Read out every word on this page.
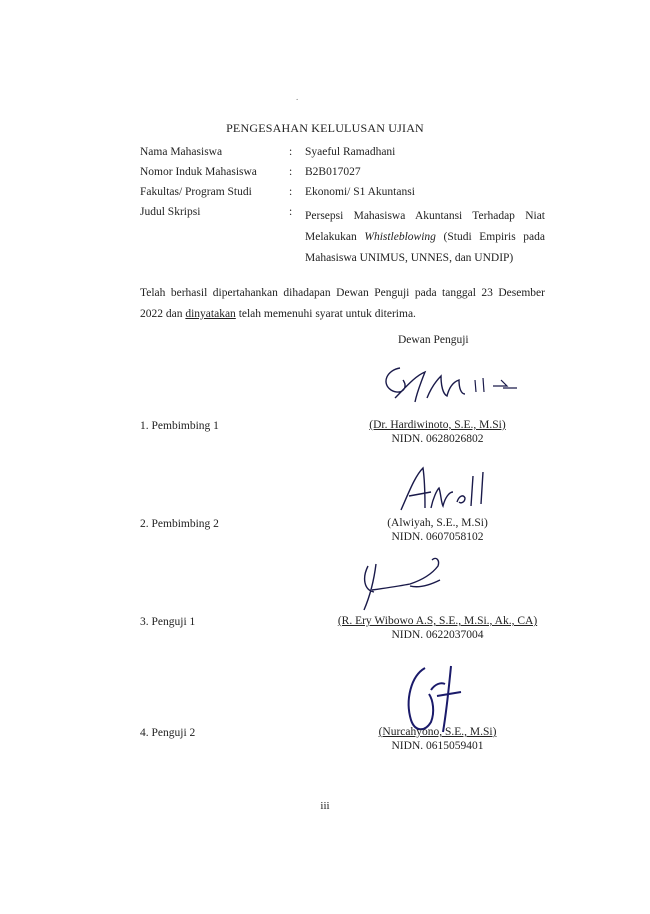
.
PENGESAHAN KELULUSAN UJIAN
Nama Mahasiswa	: Syaeful Ramadhani
Nomor Induk Mahasiswa	: B2B017027
Fakultas/ Program Studi	: Ekonomi/ S1 Akuntansi
Judul Skripsi	: Persepsi Mahasiswa Akuntansi Terhadap Niat Melakukan Whistleblowing (Studi Empiris pada Mahasiswa UNIMUS, UNNES, dan UNDIP)
Telah berhasil dipertahankan dihadapan Dewan Penguji pada tanggal 23 Desember 2022 dan dinyatakan telah memenuhi syarat untuk diterima.
Dewan Penguji
1. Pembimbing 1	(Dr. Hardiwinoto, S.E., M.Si)
NIDN. 0628026802
2. Pembimbing 2	(Alwiyah, S.E., M.Si)
NIDN. 0607058102
3. Penguji 1	(R. Ery Wibowo A.S, S.E., M.Si., Ak., CA)
NIDN. 0622037004
4. Penguji 2	(Nurcahyono, S.E., M.Si)
NIDN. 0615059401
iii
